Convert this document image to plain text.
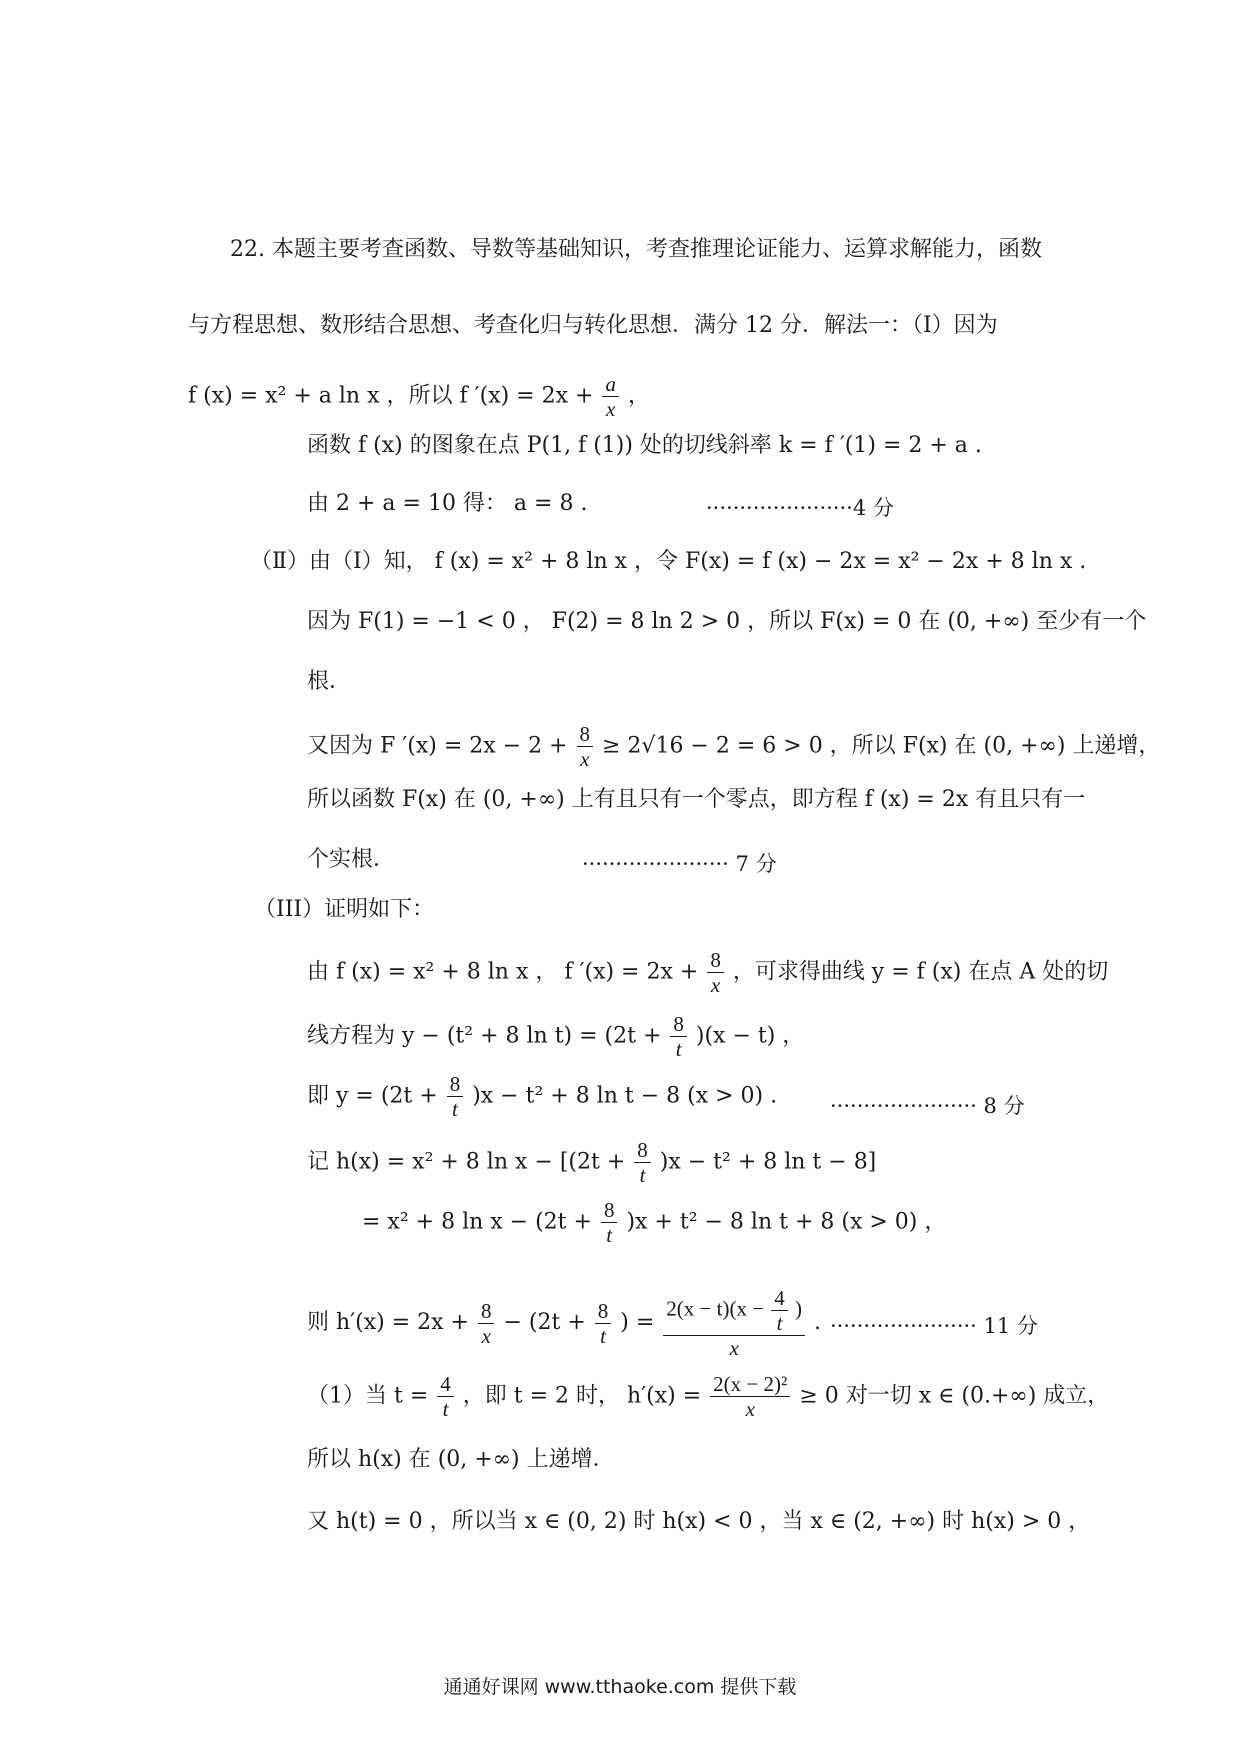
22. 本题主要考查函数、导数等基础知识，考查推理论证能力、运算求解能力，函数
与方程思想、数形结合思想、考查化归与转化思想．满分 12 分．解法一：（Ⅰ）因为
f (x) = x² + a ln x ，所以 f $'(x) = 2x + \frac{a}{x}$ ，
函数 f (x) 的图象在点 P(1, f (1)) 处的切线斜率 k = f ′(1) = 2 + a .
由 2 + a = 10 得： a = 8 .	······················4 分
（Ⅱ）由（Ⅰ）知， f (x) = x² + 8 ln x ，令 F(x) = f (x) − 2x = x² − 2x + 8 ln x .
因为 F(1) = −1 < 0 ， F(2) = 8 ln 2 > 0 ，所以 F(x) = 0 在 (0, +∞) 至少有一个
根．
又因为 F $'(x) = 2x - 2 + \frac{8}{x} \ge 2√16 - 2 = 6 > 0$ ，所以 F(x) 在 (0, +∞) 上递增，
所以函数 F(x) 在 (0, +∞) 上有且只有一个零点，即方程 f (x) = 2x 有且只有一
个实根．	······················ 7 分
（III）证明如下：
由 f (x) = x² + 8 ln x ， f $'(x) = 2x + \frac{8}{x}$ ，可求得曲线 y = f (x) 在点 A 处的切
线方程为 y − (t² + 8 $\ln t) = (2t + \frac{8}{t} )(x - t)$ ，
即 $y = (2t + \frac{8}{t} )x - t^2 + 8$ ln t − 8 (x > 0) .	······················ 8 分
记 h(x) = x² + 8 $\ln x - [(2t + \frac{8}{t} )x - t^2 + 8$ ln t − 8]
= x² + 8 $\ln x - (2t + \frac{8}{t} )x + t^2 - 8$ ln t + 8 (x > 0) ，
则 $h'(x) = 2x + \frac{8}{x} - (2t + \frac{8}{t}$ ) = $\frac{2(x - t)(x - \frac{4}{t} )}{x}$ . ······················ 11 分
（1）当 $t = \frac{4}{t}$ ，即 t = 2 时， $h'(x) = \frac{\text{2(x − 2)²}}{x} \ge 0$ 对一切 x ∈ (0.+∞) 成立，
所以 h(x) 在 (0, +∞) 上递增．
又 h(t) = 0 ，所以当 x ∈ (0, 2) 时 h(x) < 0 ，当 x ∈ (2, +∞) 时 h(x) > 0 ，
通通好课网 www.tthaoke.com 提供下载
